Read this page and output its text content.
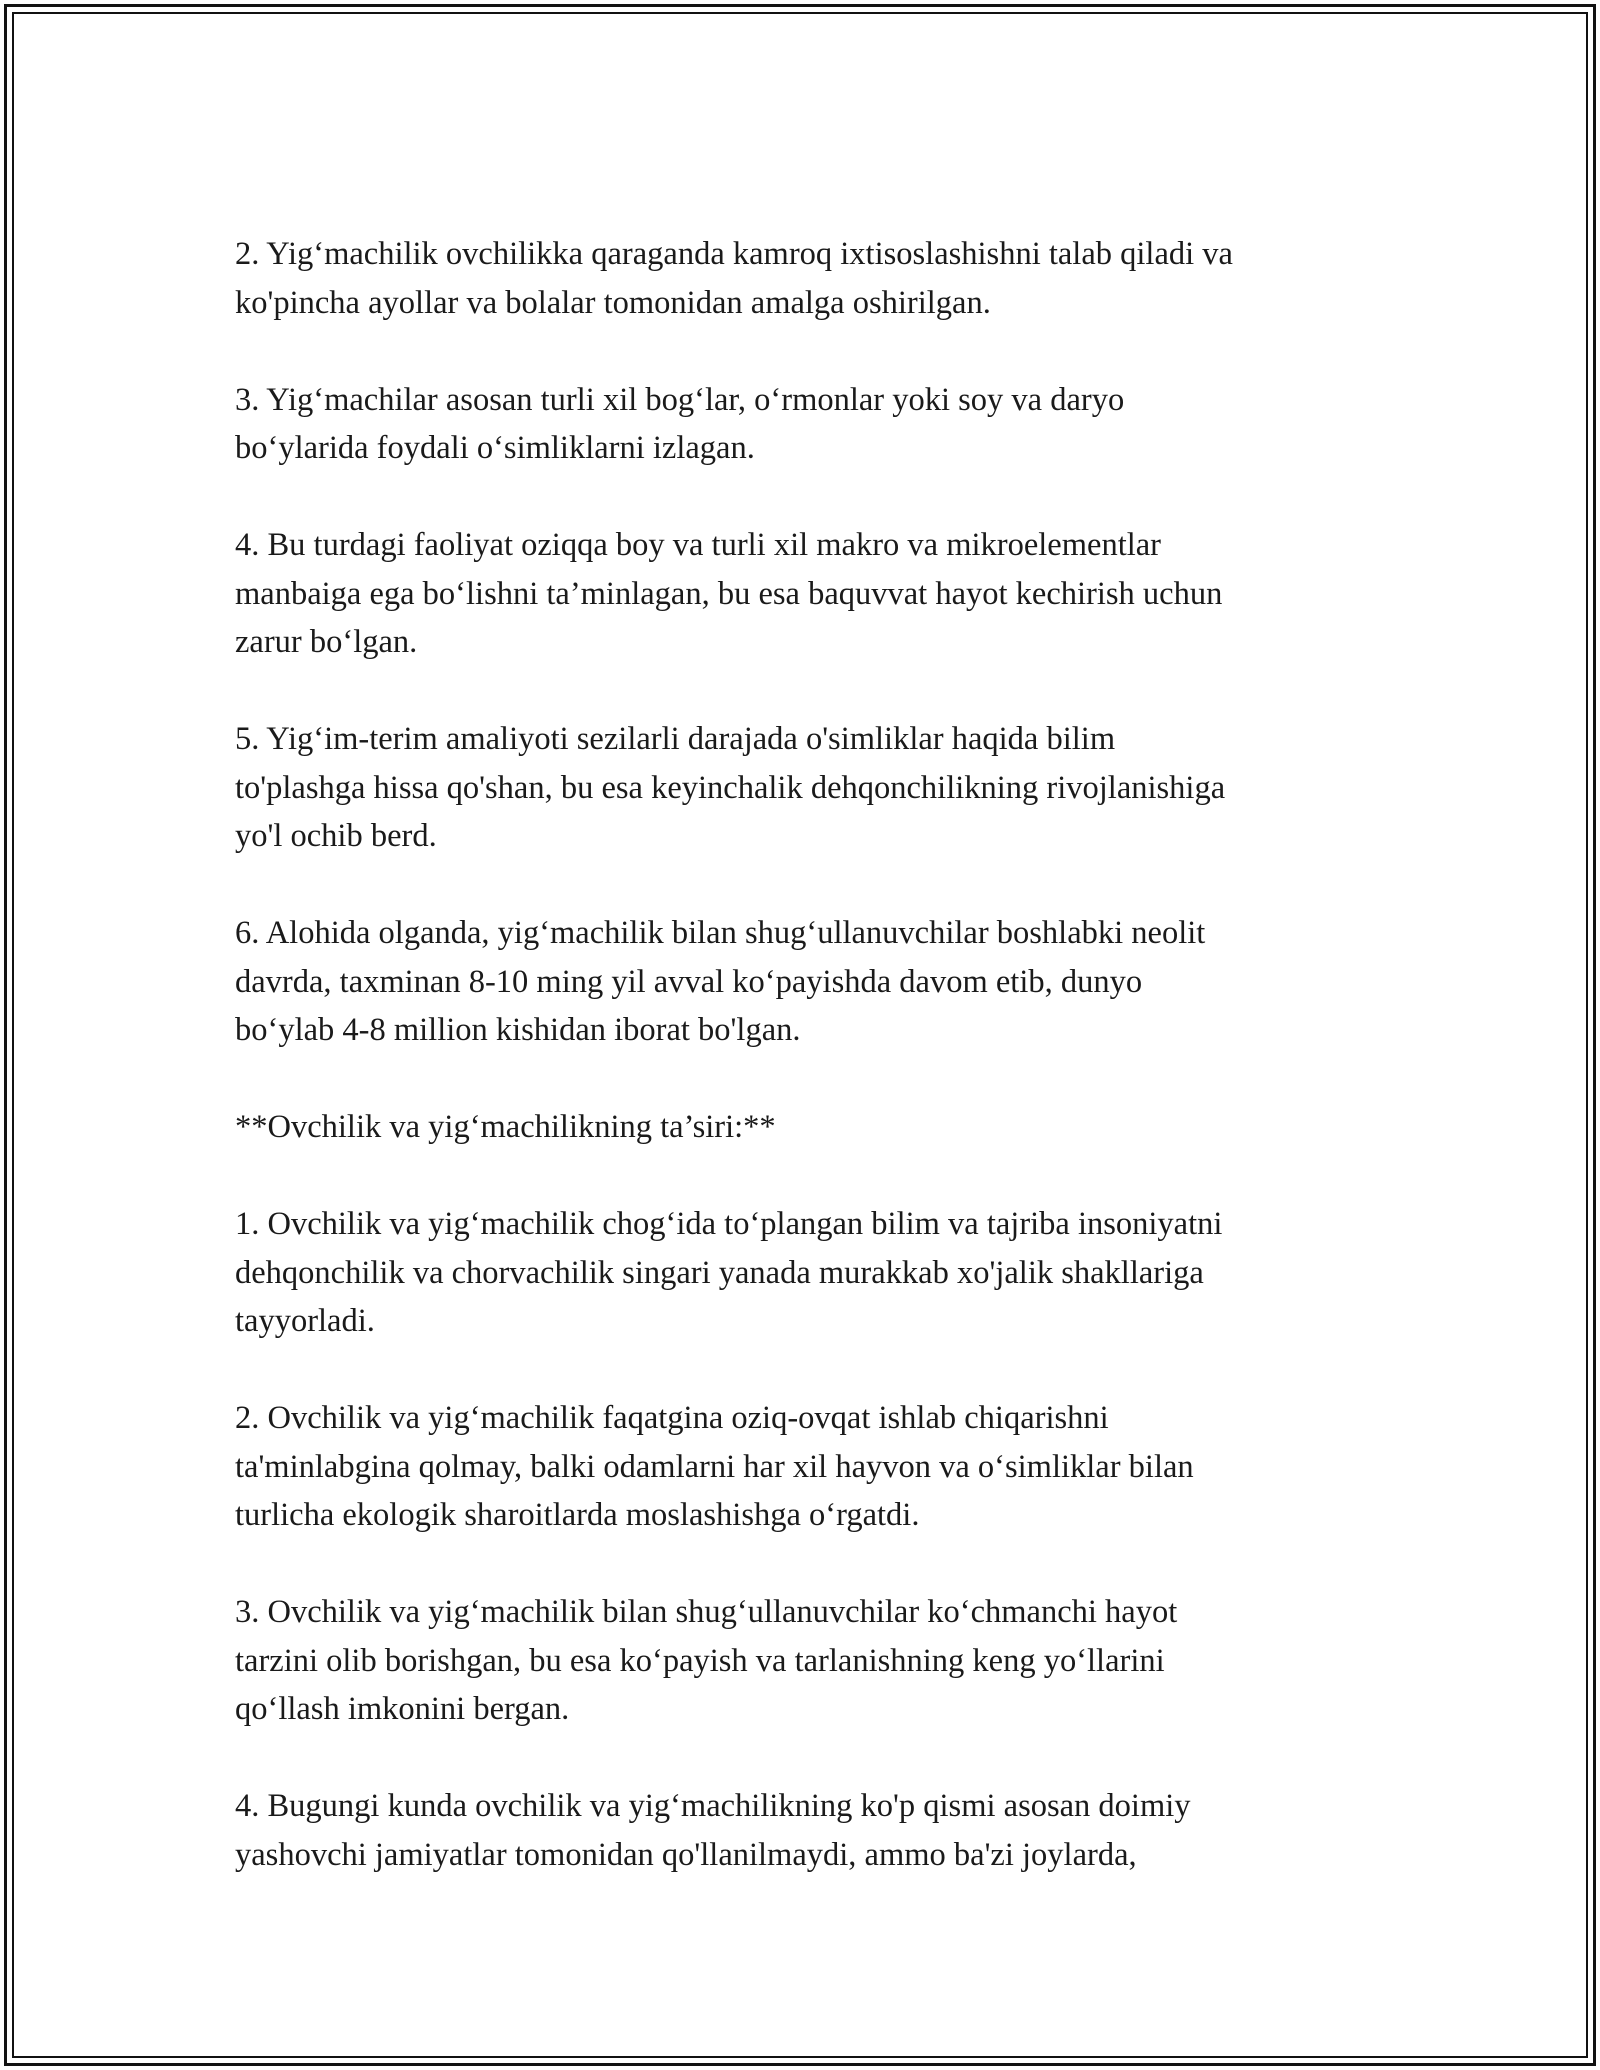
2. Yig‘machilik ovchilikka qaraganda kamroq ixtisoslashishni talab qiladi va
ko'pincha ayollar va bolalar tomonidan amalga oshirilgan.

3. Yig‘machilar asosan turli xil bog‘lar, o‘rmonlar yoki soy va daryo
bo‘ylarida foydali o‘simliklarni izlagan.

4. Bu turdagi faoliyat oziqqa boy va turli xil makro va mikroelementlar
manbaiga ega bo‘lishni ta’minlagan, bu esa baquvvat hayot kechirish uchun
zarur bo‘lgan.

5. Yig‘im-terim amaliyoti sezilarli darajada o'simliklar haqida bilim
to'plashga hissa qo'shan, bu esa keyinchalik dehqonchilikning rivojlanishiga
yo'l ochib berd.

6. Alohida olganda, yig‘machilik bilan shug‘ullanuvchilar boshlabki neolit
davrda, taxminan 8-10 ming yil avval ko‘payishda davom etib, dunyo
bo‘ylab 4-8 million kishidan iborat bo'lgan.

**Ovchilik va yig‘machilikning ta’siri:**

1. Ovchilik va yig‘machilik chog‘ida to‘plangan bilim va tajriba insoniyatni
dehqonchilik va chorvachilik singari yanada murakkab xo'jalik shakllariga
tayyorladi.

2. Ovchilik va yig‘machilik faqatgina oziq-ovqat ishlab chiqarishni
ta'minlabgina qolmay, balki odamlarni har xil hayvon va o‘simliklar bilan
turlicha ekologik sharoitlarda moslashishga o‘rgatdi.

3. Ovchilik va yig‘machilik bilan shug‘ullanuvchilar ko‘chmanchi hayot
tarzini olib borishgan, bu esa ko‘payish va tarlanishning keng yo‘llarini
qo‘llash imkonini bergan.

4. Bugungi kunda ovchilik va yig‘machilikning ko'p qismi asosan doimiy
yashovchi jamiyatlar tomonidan qo'llanilmaydi, ammo ba'zi joylarda,
